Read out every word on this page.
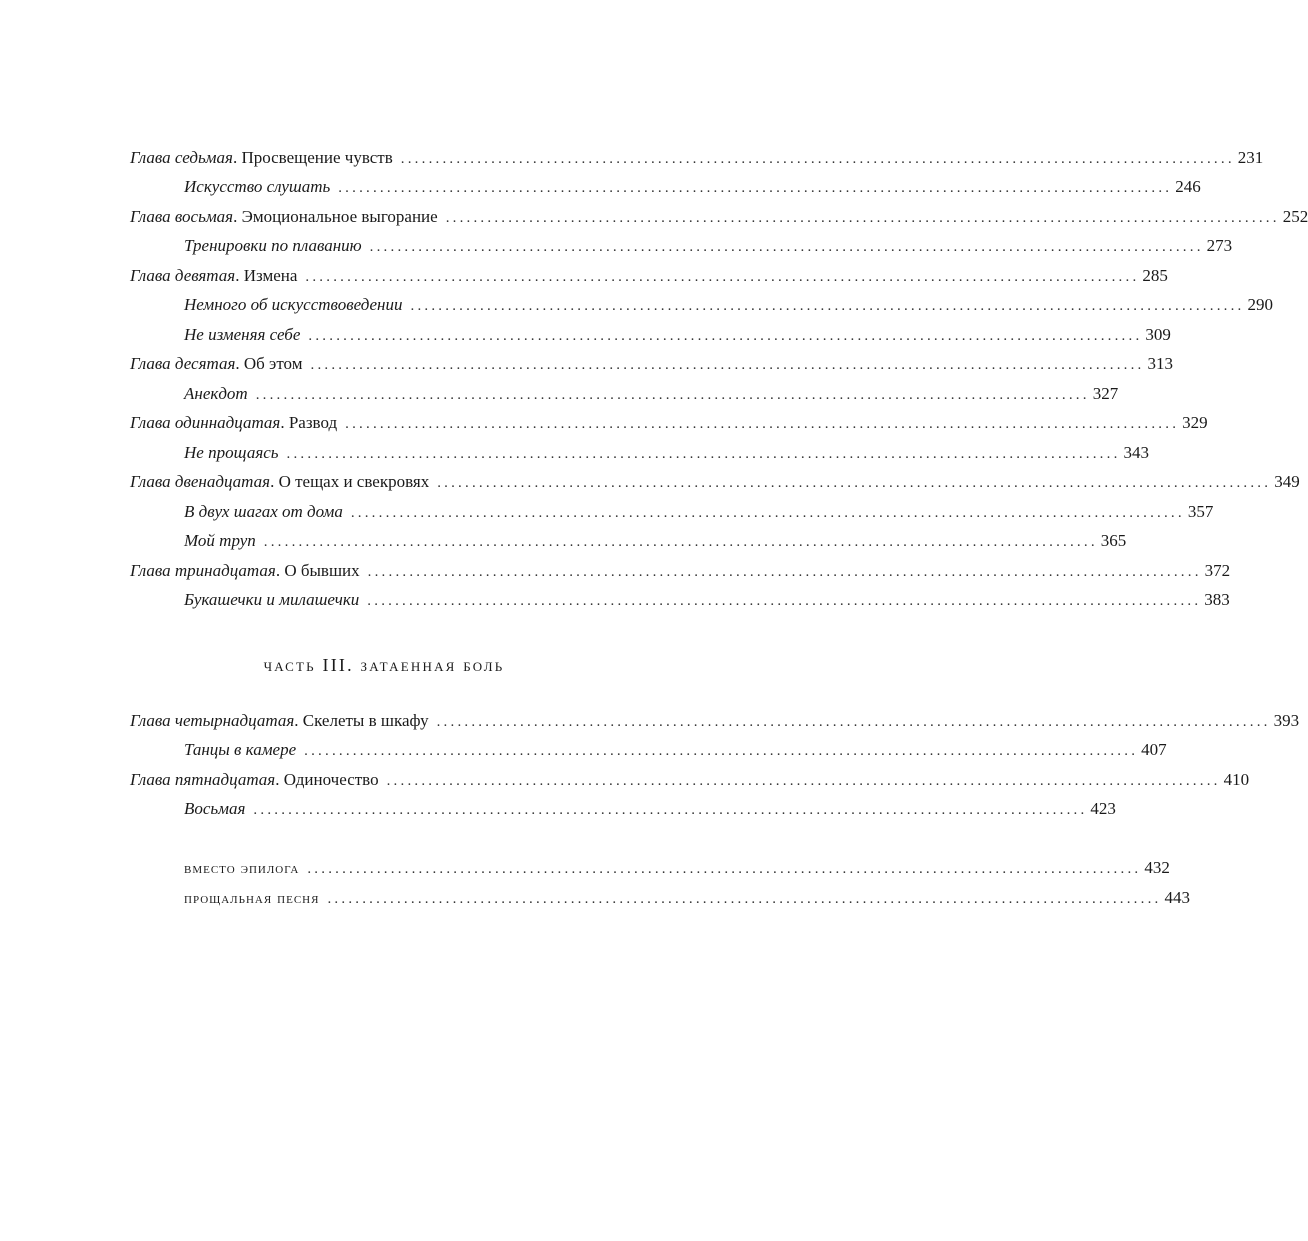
Глава седьмая. Просвещение чувств ........................................................................................................................ 231
Искусство слушать ........................................................................................................................ 246
Глава восьмая. Эмоциональное выгорание ........................................................................................................................ 252
Тренировки по плаванию ........................................................................................................................ 273
Глава девятая. Измена ........................................................................................................................ 285
Немного об искусствоведении ........................................................................................................................ 290
Не изменяя себе ........................................................................................................................ 309
Глава десятая. Об этом ........................................................................................................................ 313
Анекдот ........................................................................................................................ 327
Глава одиннадцатая. Развод ........................................................................................................................ 329
Не прощаясь ........................................................................................................................ 343
Глава двенадцатая. О тещах и свекровях ........................................................................................................................ 349
В двух шагах от дома ........................................................................................................................ 357
Мой труп ........................................................................................................................ 365
Глава тринадцатая. О бывших ........................................................................................................................ 372
Букашечки и милашечки ........................................................................................................................ 383
часть III. затаенная боль
Глава четырнадцатая. Скелеты в шкафу ........................................................................................................................ 393
Танцы в камере ........................................................................................................................ 407
Глава пятнадцатая. Одиночество ........................................................................................................................ 410
Восьмая ........................................................................................................................ 423
вместо эпилога ........................................................................................................................ 432
прощальная песня ........................................................................................................................ 443
